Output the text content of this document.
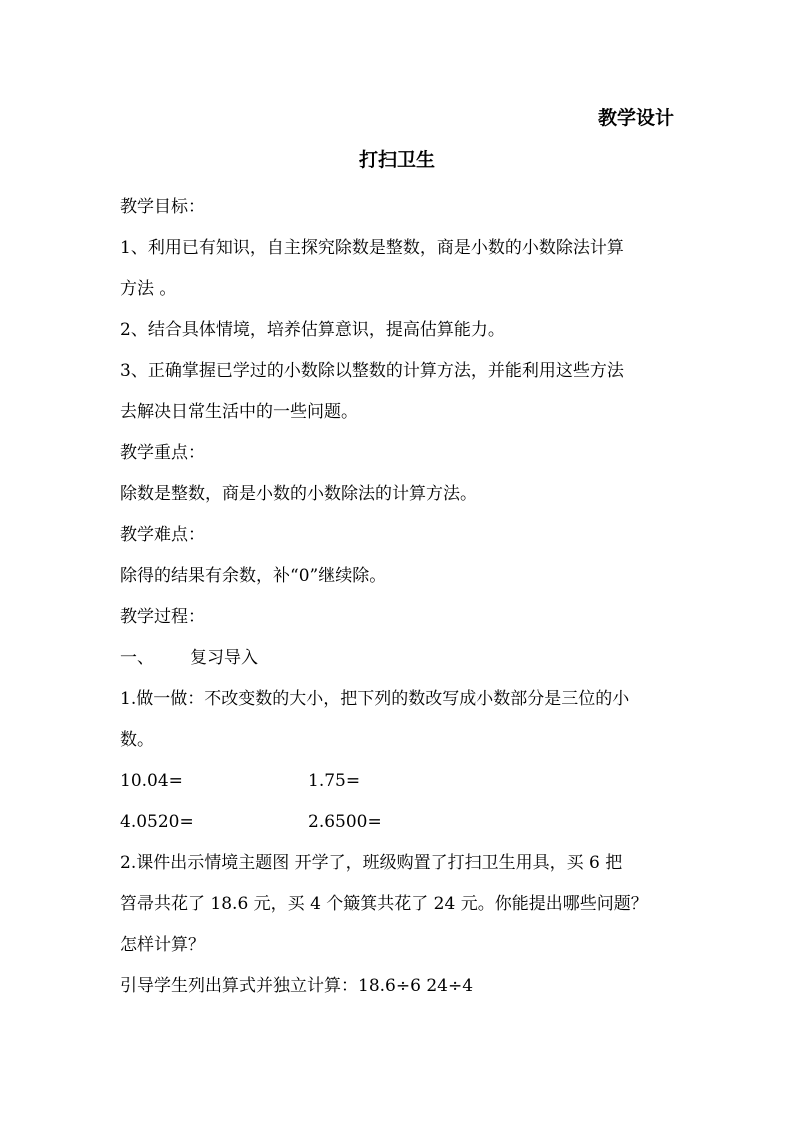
教学设计
打扫卫生
教学目标：
1、利用已有知识，自主探究除数是整数，商是小数的小数除法计算
方法 。
2、结合具体情境，培养估算意识，提高估算能力。
3、正确掌握已学过的小数除以整数的计算方法，并能利用这些方法
去解决日常生活中的一些问题。
教学重点：
除数是整数，商是小数的小数除法的计算方法。
教学难点：
除得的结果有余数，补“0”继续除。
教学过程：
一、 复习导入
1.做一做：不改变数的大小，把下列的数改写成小数部分是三位的小
数。
10.04=	1.75=
4.0520=	2.6500=
2.课件出示情境主题图 开学了，班级购置了打扫卫生用具，买 6 把
笤帚共花了 18.6 元，买 4 个簸箕共花了 24 元。你能提出哪些问题？
怎样计算？
引导学生列出算式并独立计算：18.6÷6 24÷4
